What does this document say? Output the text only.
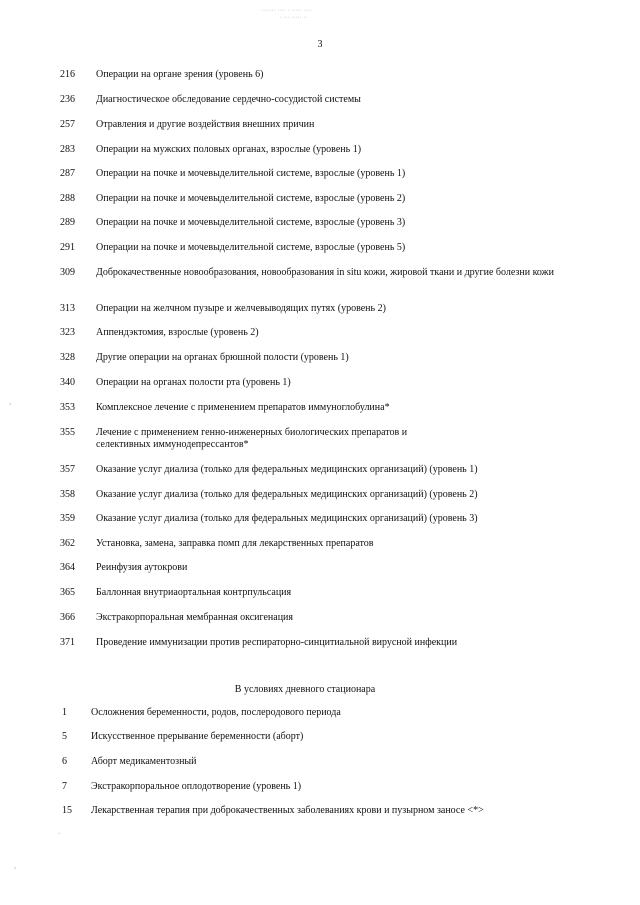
∙∙∙∙∙∙∙ ∙∙∙∙ ∙ ∙∙∙∙∙ ∙∙∙∙
∙ ∙∙∙ ∙∙∙∙∙ ∙∙
3
216	Операции на органе зрения (уровень 6)
236	Диагностическое обследование сердечно-сосудистой системы
257	Отравления и другие воздействия внешних причин
283	Операции на мужских половых органах, взрослые (уровень 1)
287	Операции на почке и мочевыделительной системе, взрослые (уровень 1)
288	Операции на почке и мочевыделительной системе, взрослые (уровень 2)
289	Операции на почке и мочевыделительной системе, взрослые (уровень 3)
291	Операции на почке и мочевыделительной системе, взрослые (уровень 5)
309	Доброкачественные новообразования, новообразования in situ кожи, жировой ткани и другие болезни кожи
313	Операции на желчном пузыре и желчевыводящих путях (уровень 2)
323	Аппендэктомия, взрослые (уровень 2)
328	Другие операции на органах брюшной полости (уровень 1)
340	Операции на органах полости рта (уровень 1)
353	Комплексное лечение с применением препаратов иммуноглобулина*
355	Лечение с применением генно-инженерных биологических препаратов и селективных иммунодепрессантов*
357	Оказание услуг диализа (только для федеральных медицинских организаций) (уровень 1)
358	Оказание услуг диализа (только для федеральных медицинских организаций) (уровень 2)
359	Оказание услуг диализа (только для федеральных медицинских организаций) (уровень 3)
362	Установка, замена, заправка помп для лекарственных препаратов
364	Реинфузия аутокрови
365	Баллонная внутриаортальная контрпульсация
366	Экстракорпоральная мембранная оксигенация
371	Проведение иммунизации против респираторно-синцитиальной вирусной инфекции
В условиях дневного стационара
1	Осложнения беременности, родов, послеродового периода
5	Искусственное прерывание беременности (аборт)
6	Аборт медикаментозный
7	Экстракорпоральное оплодотворение (уровень 1)
15	Лекарственная терапия при доброкачественных заболеваниях крови и пузырном заносе <*>
,
.
,
